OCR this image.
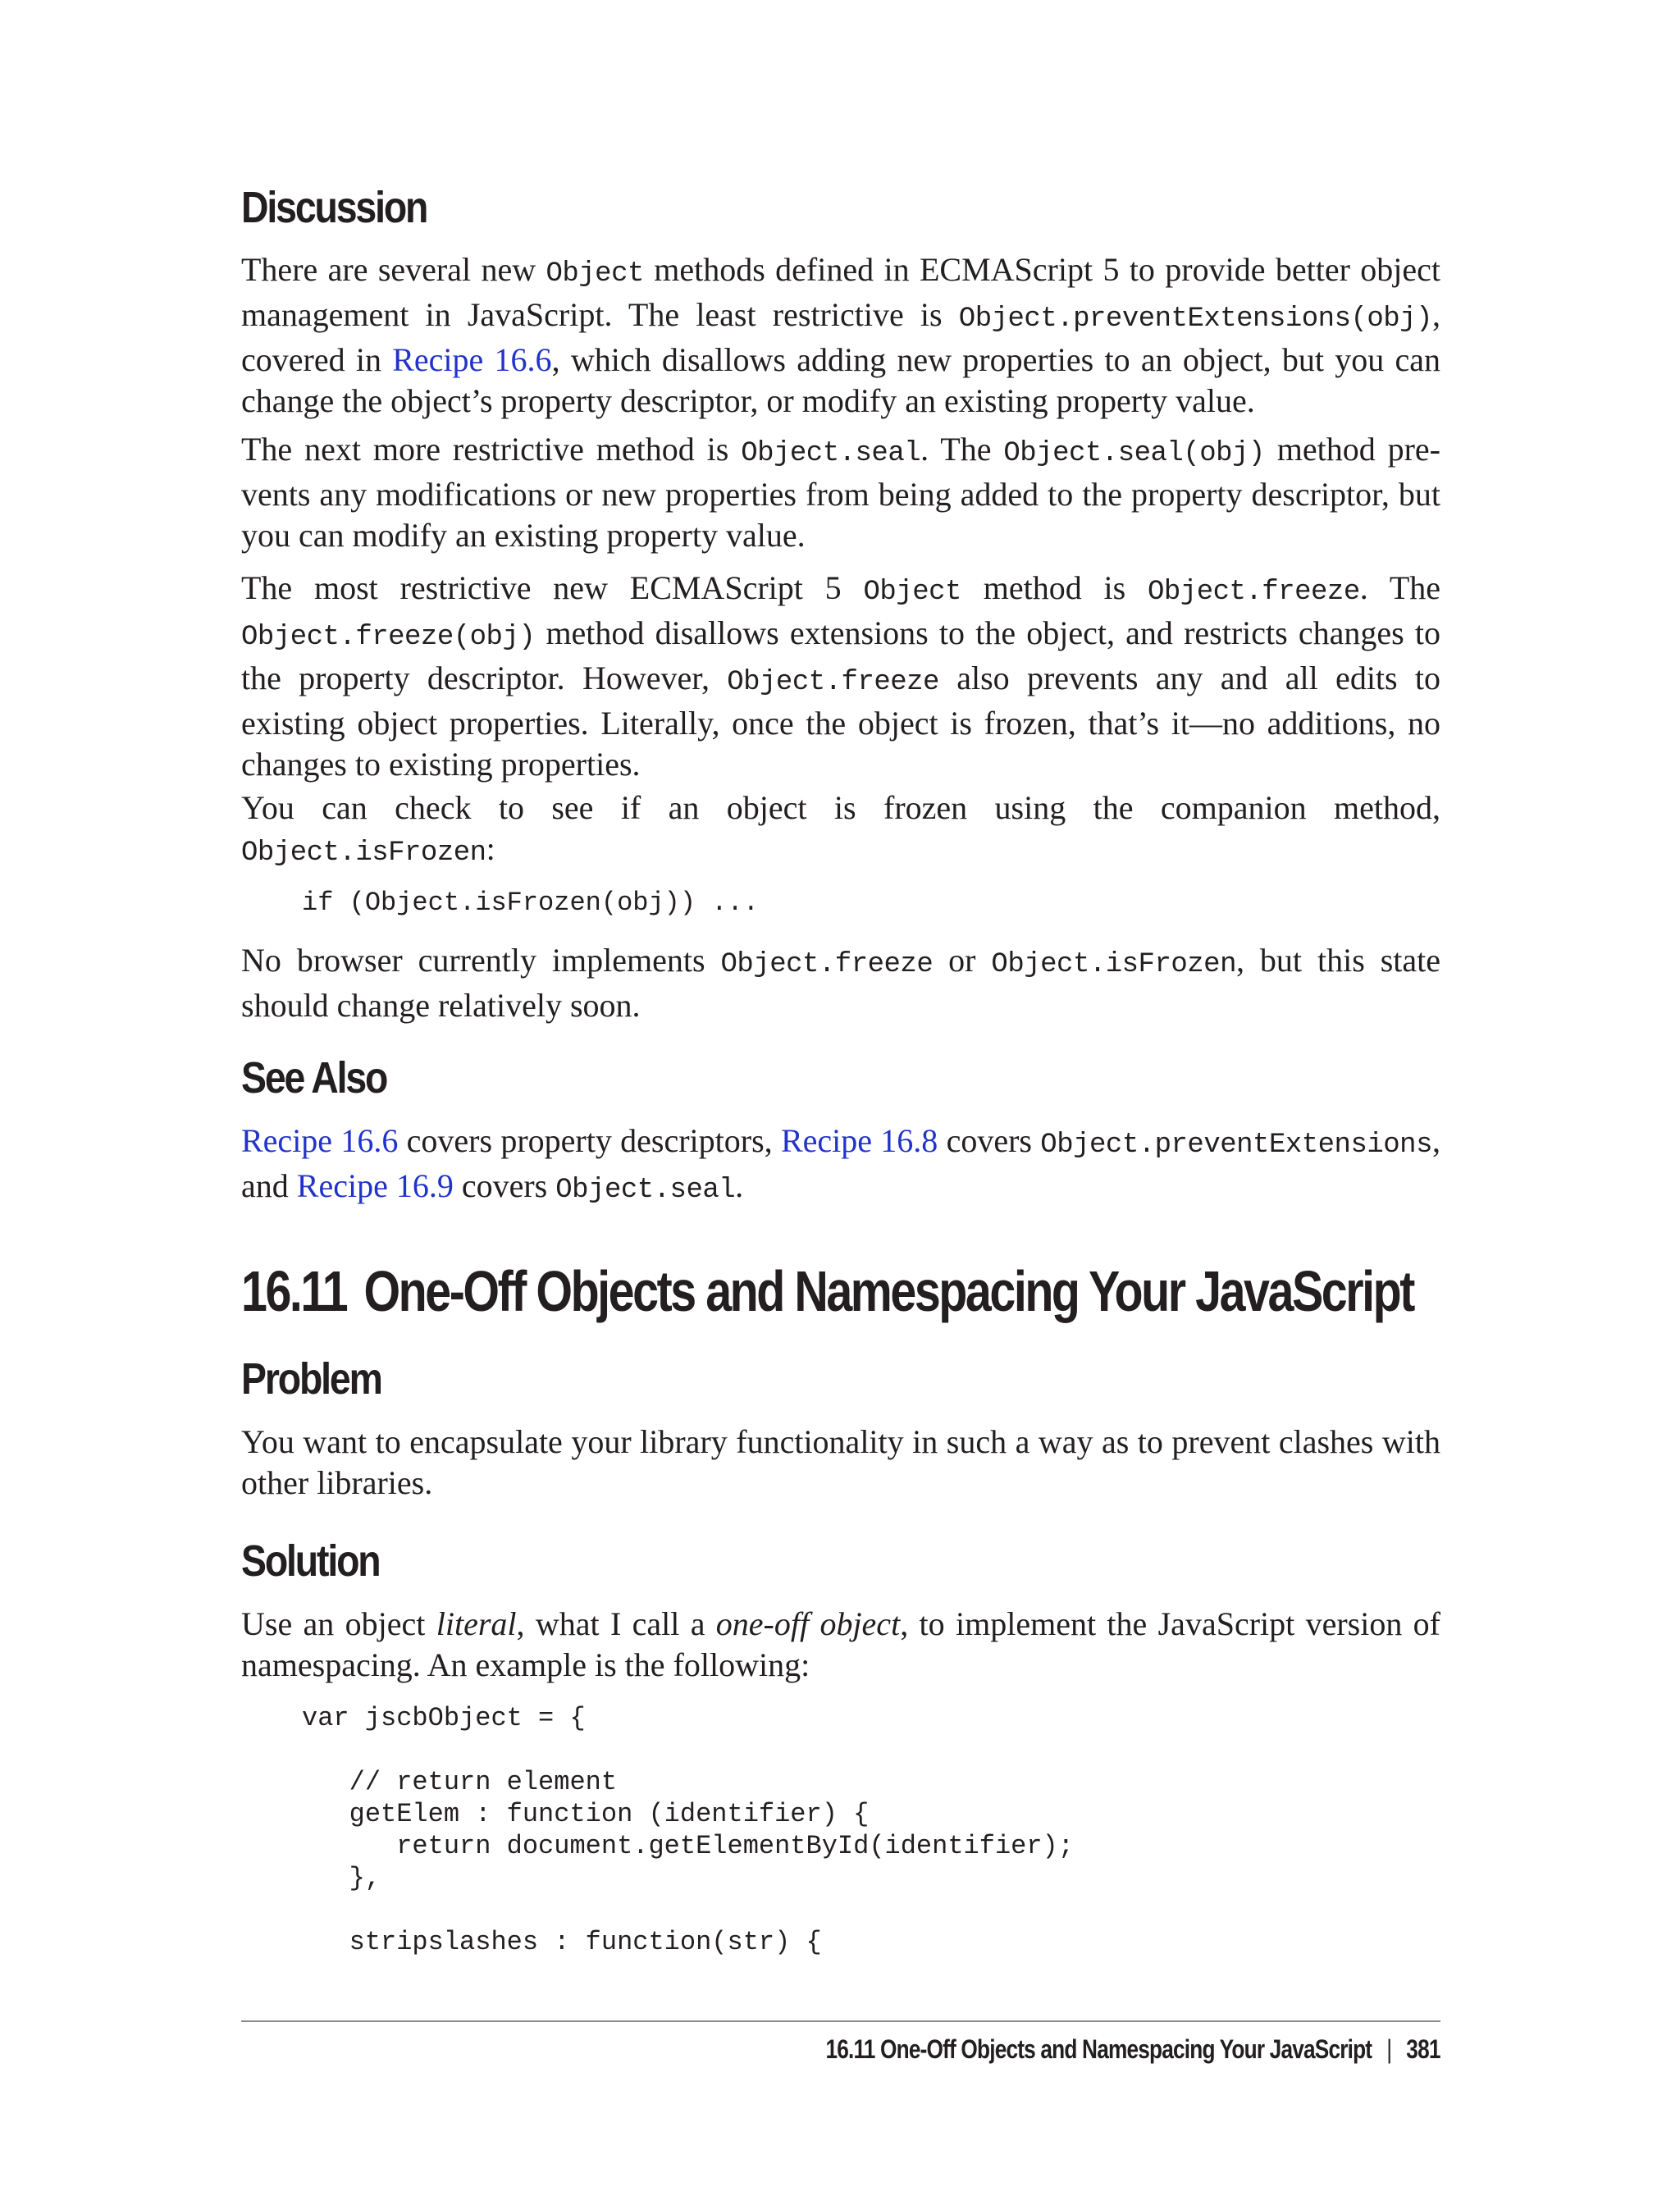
Discussion

There are several new Object methods defined in ECMAScript 5 to provide better object management in JavaScript. The least restrictive is Object.preventExtensions(obj), covered in Recipe 16.6, which disallows adding new properties to an object, but you can change the object’s property descriptor, or modify an existing property value.

The next more restrictive method is Object.seal. The Object.seal(obj) method prevents any modifications or new properties from being added to the property descriptor, but you can modify an existing property value.

The most restrictive new ECMAScript 5 Object method is Object.freeze. The Object.freeze(obj) method disallows extensions to the object, and restricts changes to the property descriptor. However, Object.freeze also prevents any and all edits to existing object properties. Literally, once the object is frozen, that’s it—no additions, no changes to existing properties.

You can check to see if an object is frozen using the companion method, Object.isFrozen:

if (Object.isFrozen(obj)) ...

No browser currently implements Object.freeze or Object.isFrozen, but this state should change relatively soon.

See Also

Recipe 16.6 covers property descriptors, Recipe 16.8 covers Object.preventExtensions, and Recipe 16.9 covers Object.seal.

16.11 One-Off Objects and Namespacing Your JavaScript
Problem

You want to encapsulate your library functionality in such a way as to prevent clashes with other libraries.

Solution

Use an object literal, what I call a one-off object, to implement the JavaScript version of namespacing. An example is the following:

var jscbObject = {

// return element
getElem : function (identifier) {
return document.getElementById(identifier);
},

stripslashes : function(str) {
16.11 One-Off Objects and Namespacing Your JavaScript | 381
